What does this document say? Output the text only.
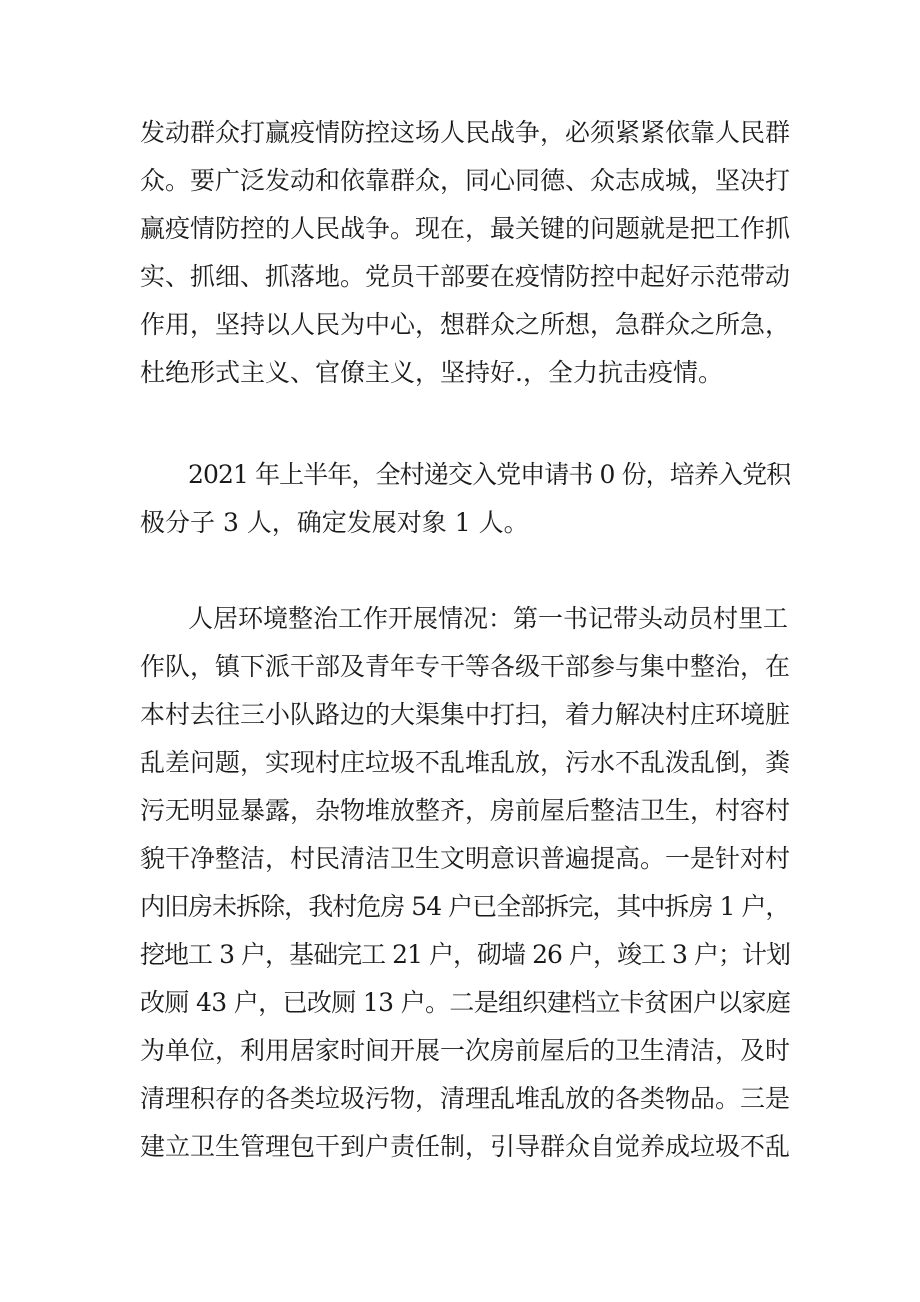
发动群众打赢疫情防控这场人民战争，必须紧紧依靠人民群

众。要广泛发动和依靠群众，同心同德、众志成城，坚决打

赢疫情防控的人民战争。现在，最关键的问题就是把工作抓

实、抓细、抓落地。党员干部要在疫情防控中起好示范带动

作用，坚持以人民为中心，想群众之所想，急群众之所急，

杜绝形式主义、官僚主义，坚持好.，全力抗击疫情。

2021 年上半年，全村递交入党申请书 0 份，培养入党积

极分子 3 人，确定发展对象 1 人。

人居环境整治工作开展情况：第一书记带头动员村里工

作队，镇下派干部及青年专干等各级干部参与集中整治，在

本村去往三小队路边的大渠集中打扫，着力解决村庄环境脏

乱差问题，实现村庄垃圾不乱堆乱放，污水不乱泼乱倒，粪

污无明显暴露，杂物堆放整齐，房前屋后整洁卫生，村容村

貌干净整洁，村民清洁卫生文明意识普遍提高。一是针对村

内旧房未拆除，我村危房 54 户已全部拆完，其中拆房 1 户，

挖地工 3 户，基础完工 21 户，砌墙 26 户，竣工 3 户；计划

改厕 43 户，已改厕 13 户。二是组织建档立卡贫困户以家庭

为单位，利用居家时间开展一次房前屋后的卫生清洁，及时

清理积存的各类垃圾污物，清理乱堆乱放的各类物品。三是

建立卫生管理包干到户责任制，引导群众自觉养成垃圾不乱
